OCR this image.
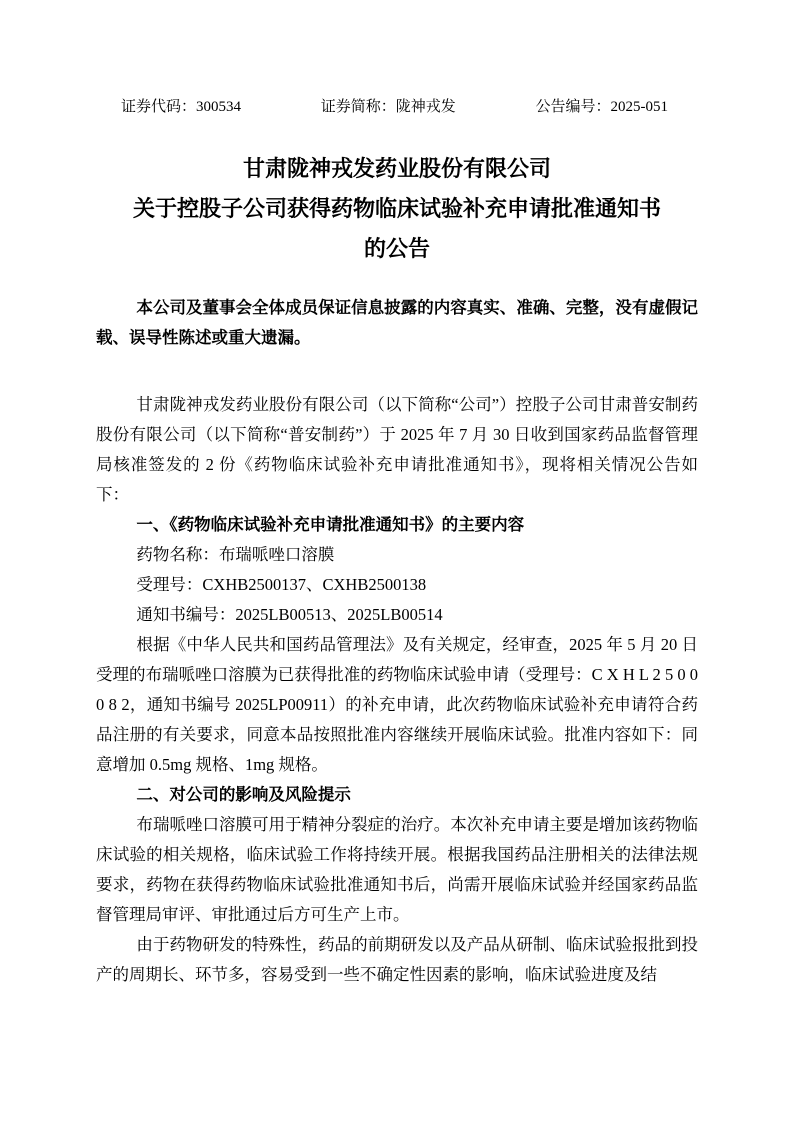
证券代码：300534	证券简称：陇神戎发	公告编号：2025-051
甘肃陇神戎发药业股份有限公司
关于控股子公司获得药物临床试验补充申请批准通知书
的公告

本公司及董事会全体成员保证信息披露的内容真实、准确、完整，没有虚假记载、误导性陈述或重大遗漏。

甘肃陇神戎发药业股份有限公司（以下简称“公司”）控股子公司甘肃普安制药股份有限公司（以下简称“普安制药”）于 2025 年 7 月 30 日收到国家药品监督管理局核准签发的 2 份《药物临床试验补充申请批准通知书》，现将相关情况公告如下：

一、《药物临床试验补充申请批准通知书》的主要内容

药物名称：布瑞哌唑口溶膜

受理号：CXHB2500137、CXHB2500138

通知书编号：2025LB00513、2025LB00514

根据《中华人民共和国药品管理法》及有关规定，经审查，2025 年 5 月 20 日受理的布瑞哌唑口溶膜为已获得批准的药物临床试验申请（受理号：C X H L 2 5 0 0 0 8 2，通知书编号 2025LP00911）的补充申请，此次药物临床试验补充申请符合药品注册的有关要求，同意本品按照批准内容继续开展临床试验。批准内容如下：同意增加 0.5mg 规格、1mg 规格。

二、对公司的影响及风险提示

布瑞哌唑口溶膜可用于精神分裂症的治疗。本次补充申请主要是增加该药物临床试验的相关规格，临床试验工作将持续开展。根据我国药品注册相关的法律法规要求，药物在获得药物临床试验批准通知书后，尚需开展临床试验并经国家药品监督管理局审评、审批通过后方可生产上市。

由于药物研发的特殊性，药品的前期研发以及产品从研制、临床试验报批到投产的周期长、环节多，容易受到一些不确定性因素的影响，临床试验进度及结
